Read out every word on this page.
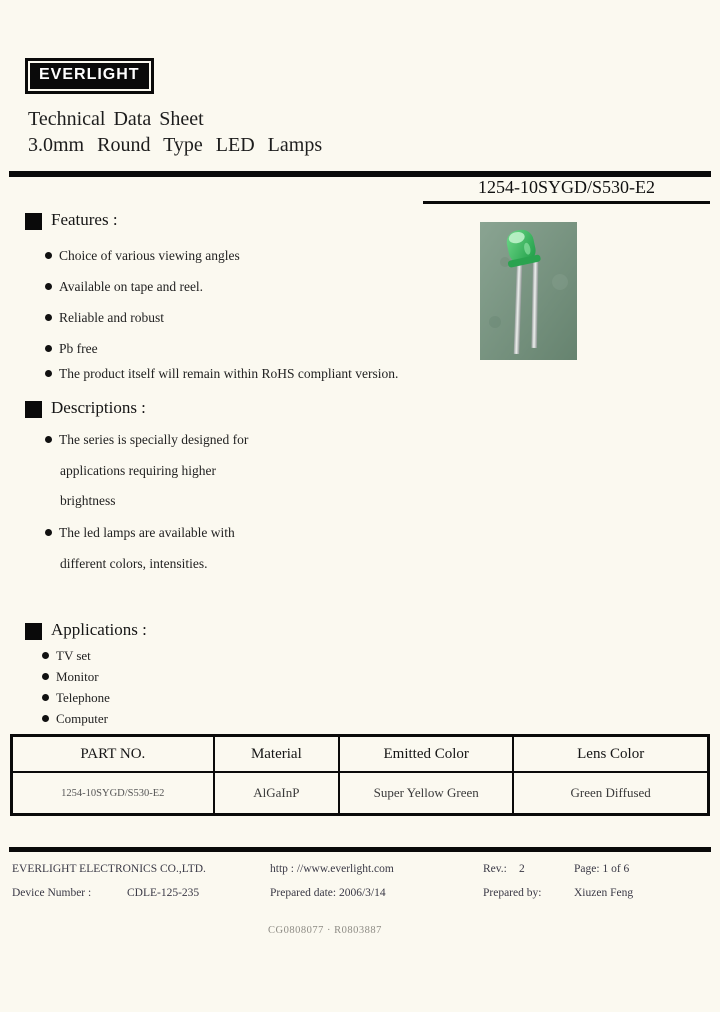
EVERLIGHT
Technical Data Sheet
3.0mm Round Type LED Lamps
1254-10SYGD/S530-E2
Features :
Choice of various viewing angles
Available on tape and reel.
Reliable and robust
Pb free
The product itself will remain within RoHS compliant version.
Descriptions :
The series is specially designed for
applications requiring higher
brightness
The led lamps are available with
different colors, intensities.
Applications :
TV set
Monitor
Telephone
Computer
PART NO.	Material	Emitted Color	Lens Color
1254-10SYGD/S530-E2	AlGaInP	Super Yellow Green	Green Diffused
EVERLIGHT ELECTRONICS CO.,LTD.	http : //www.everlight.com	Rev.: 2	Page: 1 of 6
Device Number :	CDLE-125-235	Prepared date: 2006/3/14	Prepared by:	Xiuzen Feng
CG0808077 · R0803887
